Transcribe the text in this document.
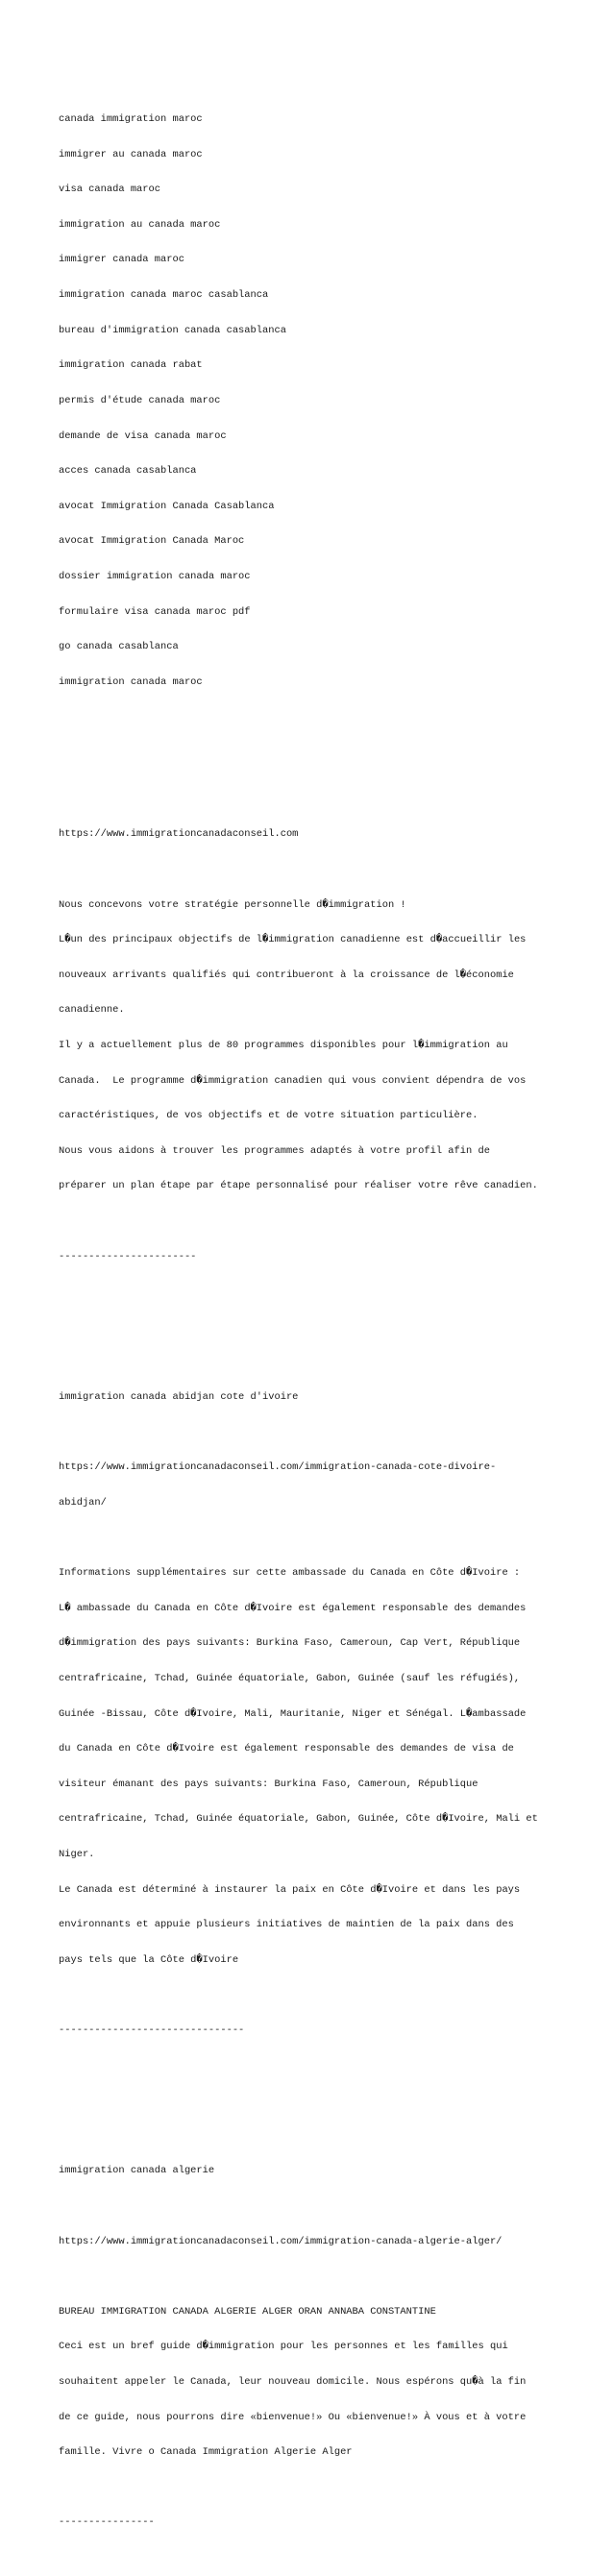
canada immigration maroc

immigrer au canada maroc

visa canada maroc

immigration au canada maroc

immigrer canada maroc

immigration canada maroc casablanca

bureau d'immigration canada casablanca

immigration canada rabat

permis d'étude canada maroc

demande de visa canada maroc

acces canada casablanca

avocat Immigration Canada Casablanca

avocat Immigration Canada Maroc

dossier immigration canada maroc

formulaire visa canada maroc pdf

go canada casablanca

immigration canada maroc

https://www.immigrationcanadaconseil.com

Nous concevons votre stratégie personnelle d�immigration !

L�un des principaux objectifs de l�immigration canadienne est d�accueillir les

nouveaux arrivants qualifiés qui contribueront à la croissance de l�économie

canadienne.

Il y a actuellement plus de 80 programmes disponibles pour l�immigration au

Canada.  Le programme d�immigration canadien qui vous convient dépendra de vos

caractéristiques, de vos objectifs et de votre situation particulière.

Nous vous aidons à trouver les programmes adaptés à votre profil afin de

préparer un plan étape par étape personnalisé pour réaliser votre rêve canadien.

-----------------------

immigration canada abidjan cote d'ivoire

https://www.immigrationcanadaconseil.com/immigration-canada-cote-divoire-

abidjan/

Informations supplémentaires sur cette ambassade du Canada en Côte d�Ivoire :

L� ambassade du Canada en Côte d�Ivoire est également responsable des demandes

d�immigration des pays suivants: Burkina Faso, Cameroun, Cap Vert, République

centrafricaine, Tchad, Guinée équatoriale, Gabon, Guinée (sauf les réfugiés),

Guinée -Bissau, Côte d�Ivoire, Mali, Mauritanie, Niger et Sénégal. L�ambassade

du Canada en Côte d�Ivoire est également responsable des demandes de visa de

visiteur émanant des pays suivants: Burkina Faso, Cameroun, République

centrafricaine, Tchad, Guinée équatoriale, Gabon, Guinée, Côte d�Ivoire, Mali et

Niger.

Le Canada est déterminé à instaurer la paix en Côte d�Ivoire et dans les pays

environnants et appuie plusieurs initiatives de maintien de la paix dans des

pays tels que la Côte d�Ivoire

-------------------------------

immigration canada algerie

https://www.immigrationcanadaconseil.com/immigration-canada-algerie-alger/

BUREAU IMMIGRATION CANADA ALGERIE ALGER ORAN ANNABA CONSTANTINE

Ceci est un bref guide d�immigration pour les personnes et les familles qui

souhaitent appeler le Canada, leur nouveau domicile. Nous espérons qu�à la fin

de ce guide, nous pourrons dire «bienvenue!» Ou «bienvenue!» À vous et à votre

famille. Vivre o Canada Immigration Algerie Alger

----------------
